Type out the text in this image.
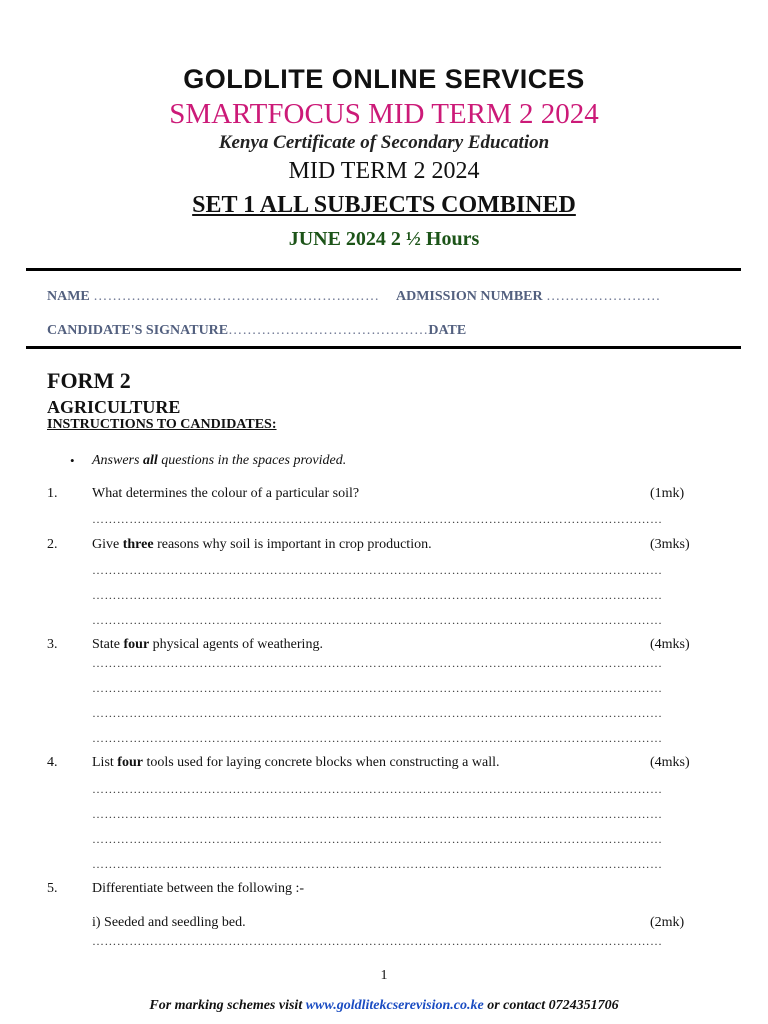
GOLDLITE ONLINE SERVICES
SMARTFOCUS MID TERM 2 2024
Kenya Certificate of Secondary Education
MID TERM 2 2024
SET 1 ALL SUBJECTS COMBINED
JUNE 2024 2 ½ Hours
NAME …………………………………………………… ADMISSION NUMBER ……………………
CANDIDATE'S SIGNATURE……………………………………DATE
FORM 2
AGRICULTURE
INSTRUCTIONS TO CANDIDATES:
• Answers all questions in the spaces provided.
1. What determines the colour of a particular soil?	(1mk)
…………………………………………………………………………………………………………………………
2. Give three reasons why soil is important in crop production.	(3mks)
…………………………………………………………………………………………………………………………
…………………………………………………………………………………………………………………………
…………………………………………………………………………………………………………………………
3. State four physical agents of weathering.	(4mks)
…………………………………………………………………………………………………………………………
…………………………………………………………………………………………………………………………
…………………………………………………………………………………………………………………………
…………………………………………………………………………………………………………………………
4. List four tools used for laying concrete blocks when constructing a wall.	(4mks)
…………………………………………………………………………………………………………………………
…………………………………………………………………………………………………………………………
…………………………………………………………………………………………………………………………
…………………………………………………………………………………………………………………………
5. Differentiate between the following :-
i) Seeded and seedling bed.	(2mk)
…………………………………………………………………………………………………………………………
1
For marking schemes visit www.goldlitekcserevision.co.ke or contact 0724351706
